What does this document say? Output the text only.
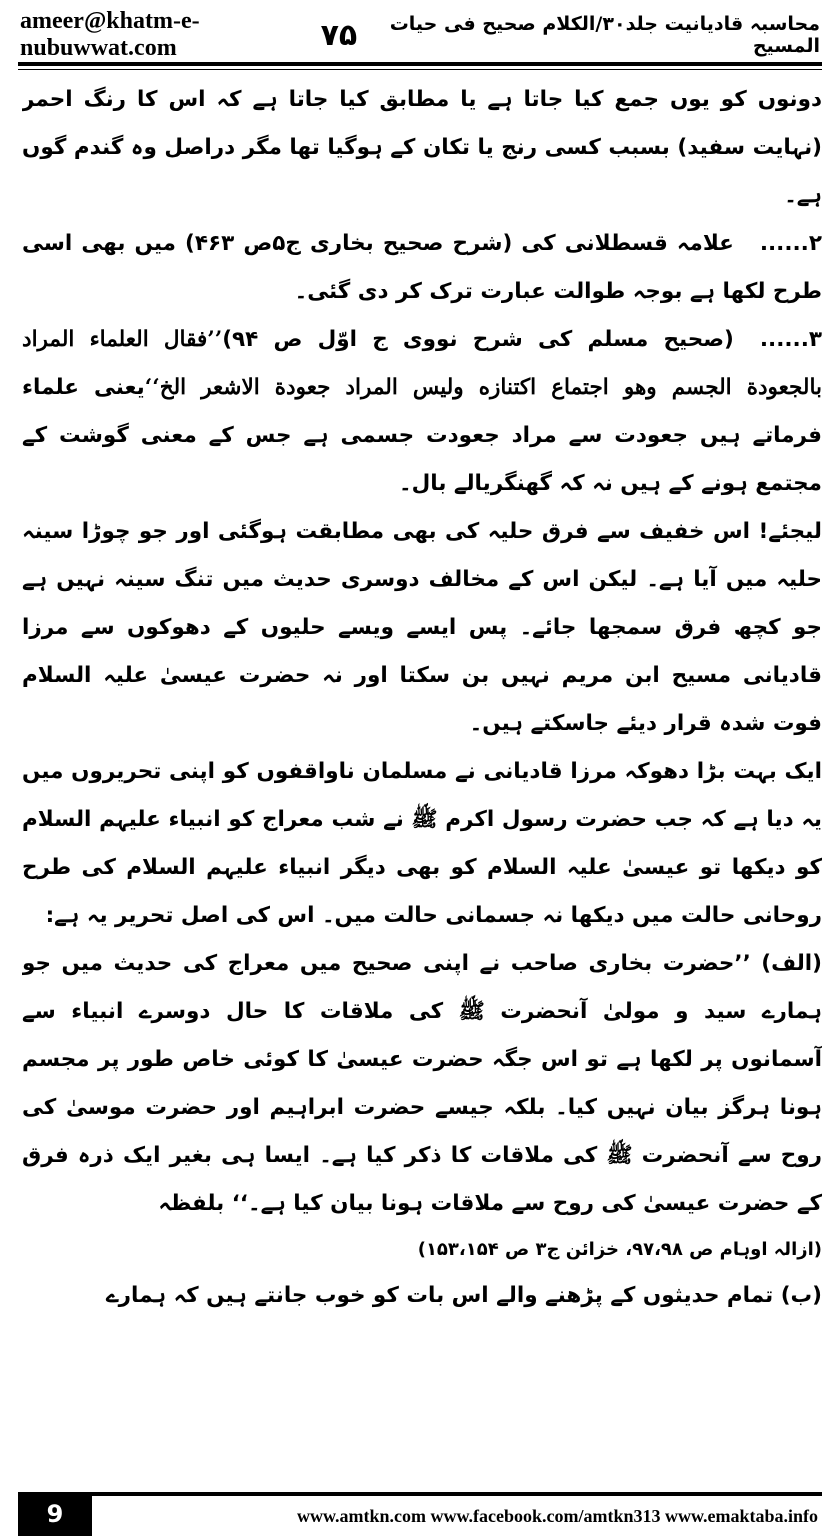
ameer@khatm-e-nubuwwat.com
محاسبہ قادیانیت جلد۳۰/الکلام صحیح فی حیات المسیح
۷۵

دونوں کو یوں جمع کیا جاتا ہے یا مطابق کیا جاتا ہے کہ اس کا رنگ احمر (نہایت سفید) بسبب کسی رنج یا تکان کے ہوگیا تھا مگر دراصل وہ گندم گوں ہے۔

۲......علامہ قسطلانی کی (شرح صحیح بخاری ج۵ص ۴۶۳) میں بھی اسی طرح لکھا ہے بوجہ طوالت عبارت ترک کر دی گئی۔

۳......(صحیح مسلم کی شرح نووی ج اوّل ص ۹۴)’’فقال العلماء المراد بالجعودة الجسم وهو اجتماع اكتنازه وليس المراد جعودة الاشعر الخ‘‘یعنی علماء فرماتے ہیں جعودت سے مراد جعودت جسمی ہے جس کے معنی گوشت کے مجتمع ہونے کے ہیں نہ کہ گھنگریالے بال۔

لیجئے! اس خفیف سے فرق حلیہ کی بھی مطابقت ہوگئی اور جو چوڑا سینہ حلیہ میں آیا ہے۔ لیکن اس کے مخالف دوسری حدیث میں تنگ سینہ نہیں ہے جو کچھ فرق سمجھا جائے۔ پس ایسے ویسے حلیوں کے دھوکوں سے مرزا قادیانی مسیح ابن مریم نہیں بن سکتا اور نہ حضرت عیسیٰ علیہ السلام فوت شدہ قرار دیئے جاسکتے ہیں۔

ایک بہت بڑا دھوکہ مرزا قادیانی نے مسلمان ناواقفوں کو اپنی تحریروں میں یہ دیا ہے کہ جب حضرت رسول اکرم ﷺ نے شب معراج کو انبیاء علیہم السلام کو دیکھا تو عیسیٰ علیہ السلام کو بھی دیگر انبیاء علیہم السلام کی طرح روحانی حالت میں دیکھا نہ جسمانی حالت میں۔ اس کی اصل تحریر یہ ہے:

(الف) ’’حضرت بخاری صاحب نے اپنی صحیح میں معراج کی حدیث میں جو ہمارے سید و مولیٰ آنحضرت ﷺ کی ملاقات کا حال دوسرے انبیاء سے آسمانوں پر لکھا ہے تو اس جگہ حضرت عیسیٰ کا کوئی خاص طور پر مجسم ہونا ہرگز بیان نہیں کیا۔ بلکہ جیسے حضرت ابراہیم اور حضرت موسیٰ کی روح سے آنحضرت ﷺ کی ملاقات کا ذکر کیا ہے۔ ایسا ہی بغیر ایک ذرہ فرق کے حضرت عیسیٰ کی روح سے ملاقات ہونا بیان کیا ہے۔‘‘ بلفظہ

(ازالہ اوہام ص ۹۷،۹۸، خزائن ج۳ ص ۱۵۳،۱۵۴)

(ب) تمام حدیثوں کے پڑھنے والے اس بات کو خوب جانتے ہیں کہ ہمارے

9	www.amtkn.com www.facebook.com/amtkn313 www.emaktaba.info
